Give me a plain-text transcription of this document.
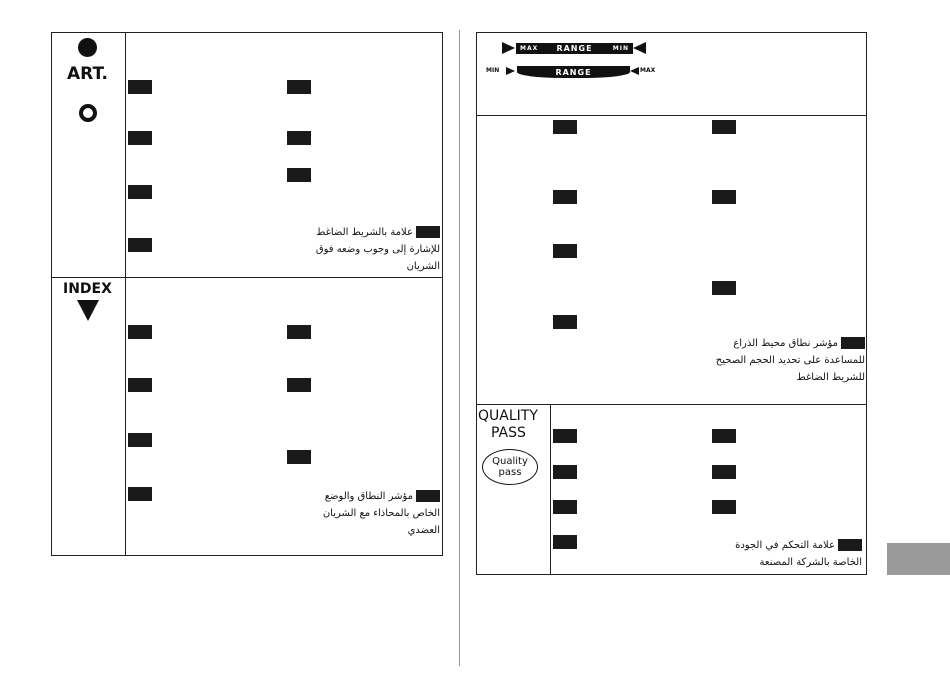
ART.
علامة بالشريط الضاغط
للإشارة إلى وجوب وضعه فوق
الشريان
INDEX
مؤشر النطاق والوضع
الخاص بالمحاذاء مع الشريان
العضدي
MAX RANGE	MIN
MIN	RANGE	MAX
مؤشر نطاق محيط الذراع
للمساعدة على تحديد الحجم الصحيح
للشريط الضاغط
QUALITY
PASS
Quality
pass
علامة التحكم في الجودة
الخاصة بالشركة المصنعة
